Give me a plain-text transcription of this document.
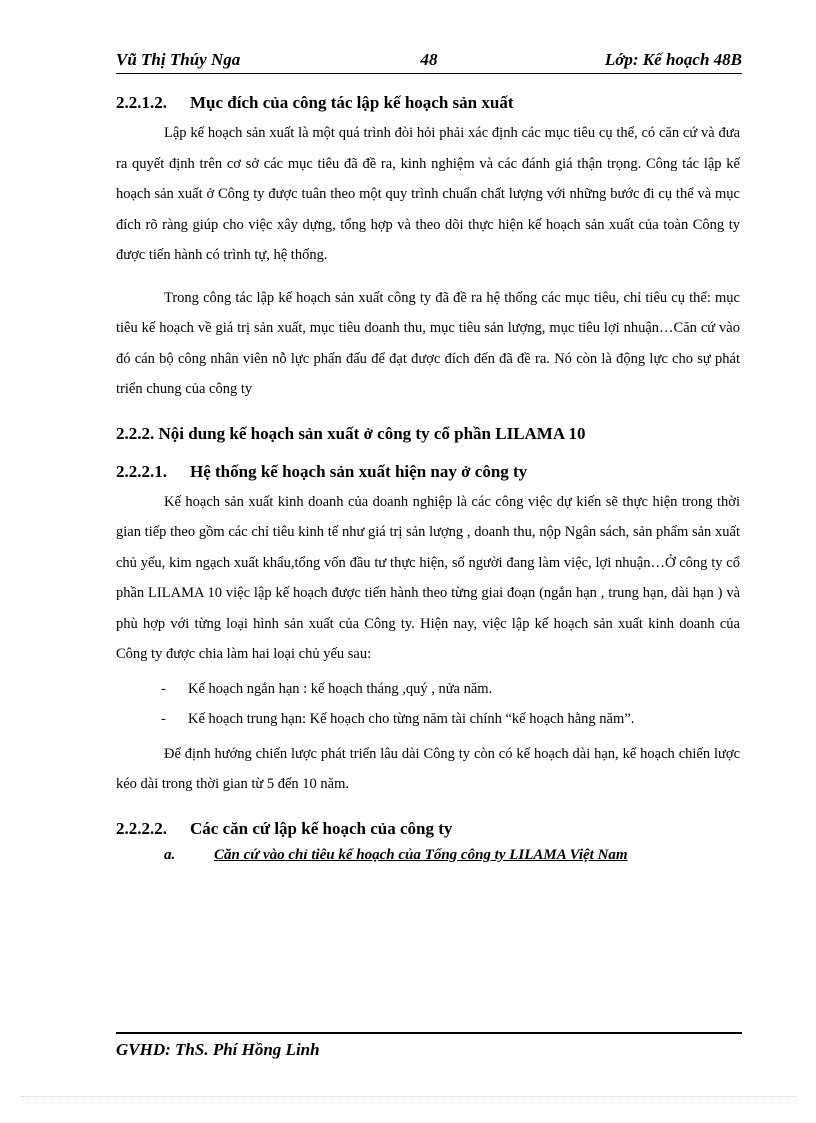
Vũ Thị Thúy Nga	48	Lớp: Kế hoạch 48B

2.2.1.2. Mục đích của công tác lập kế hoạch sản xuất

Lập kế hoạch sản xuất là một quá trình đòi hỏi phải xác định các mục tiêu cụ thể, có căn cứ và đưa ra quyết định trên cơ sở các mục tiêu đã đề ra, kinh nghiệm và các đánh giá thận trọng. Công tác lập kế hoạch sản xuất ở Công ty được tuân theo một quy trình chuẩn chất lượng với những bước đi cụ thể và mục đích rõ ràng giúp cho việc xây dựng, tổng hợp và theo dõi thực hiện kế hoạch sản xuất của toàn Công ty được tiến hành có trình tự, hệ thống.

Trong công tác lập kế hoạch sản xuất công ty đã đề ra hệ thống các mục tiêu, chỉ tiêu cụ thể: mục tiêu kế hoạch về giá trị sản xuất, mục tiêu doanh thu, mục tiêu sản lượng, mục tiêu lợi nhuận…Căn cứ vào đó cán bộ công nhân viên nỗ lực phấn đấu để đạt được đích đến đã đề ra. Nó còn là động lực cho sự phát triển chung của công ty

2.2.2. Nội dung kế hoạch sản xuất ở công ty cổ phần LILAMA 10

2.2.2.1. Hệ thống kế hoạch sản xuất hiện nay ở công ty

Kế hoạch sản xuất kinh doanh của doanh nghiệp là các công việc dự kiến sẽ thực hiện trong thời gian tiếp theo gồm các chỉ tiêu kinh tế như giá trị sản lượng , doanh thu, nộp Ngân sách, sản phẩm sản xuất chủ yếu, kim ngạch xuất khẩu,tổng vốn đầu tư thực hiện, số người đang làm việc, lợi nhuận…Ở công ty cổ phần LILAMA 10 việc lập kế hoạch được tiến hành theo từng giai đoạn (ngắn hạn , trung hạn, dài hạn ) và phù hợp với từng loại hình sản xuất của Công ty. Hiện nay, việc lập kế hoạch sản xuất kinh doanh của Công ty được chia làm hai loại chủ yếu sau:

- Kế hoạch ngắn hạn : kế hoạch tháng ,quý , nửa năm.

- Kế hoạch trung hạn: Kế hoạch cho từng năm tài chính “kế hoạch hằng năm”.

Để định hướng chiến lược phát triển lâu dài Công ty còn có kế hoạch dài hạn, kế hoạch chiến lược kéo dài trong thời gian từ 5 đến 10 năm.

2.2.2.2. Các căn cứ lập kế hoạch của công ty

a.	Căn cứ vào chỉ tiêu kế hoạch của Tổng công ty LILAMA Việt Nam

GVHD: ThS. Phí Hồng Linh
